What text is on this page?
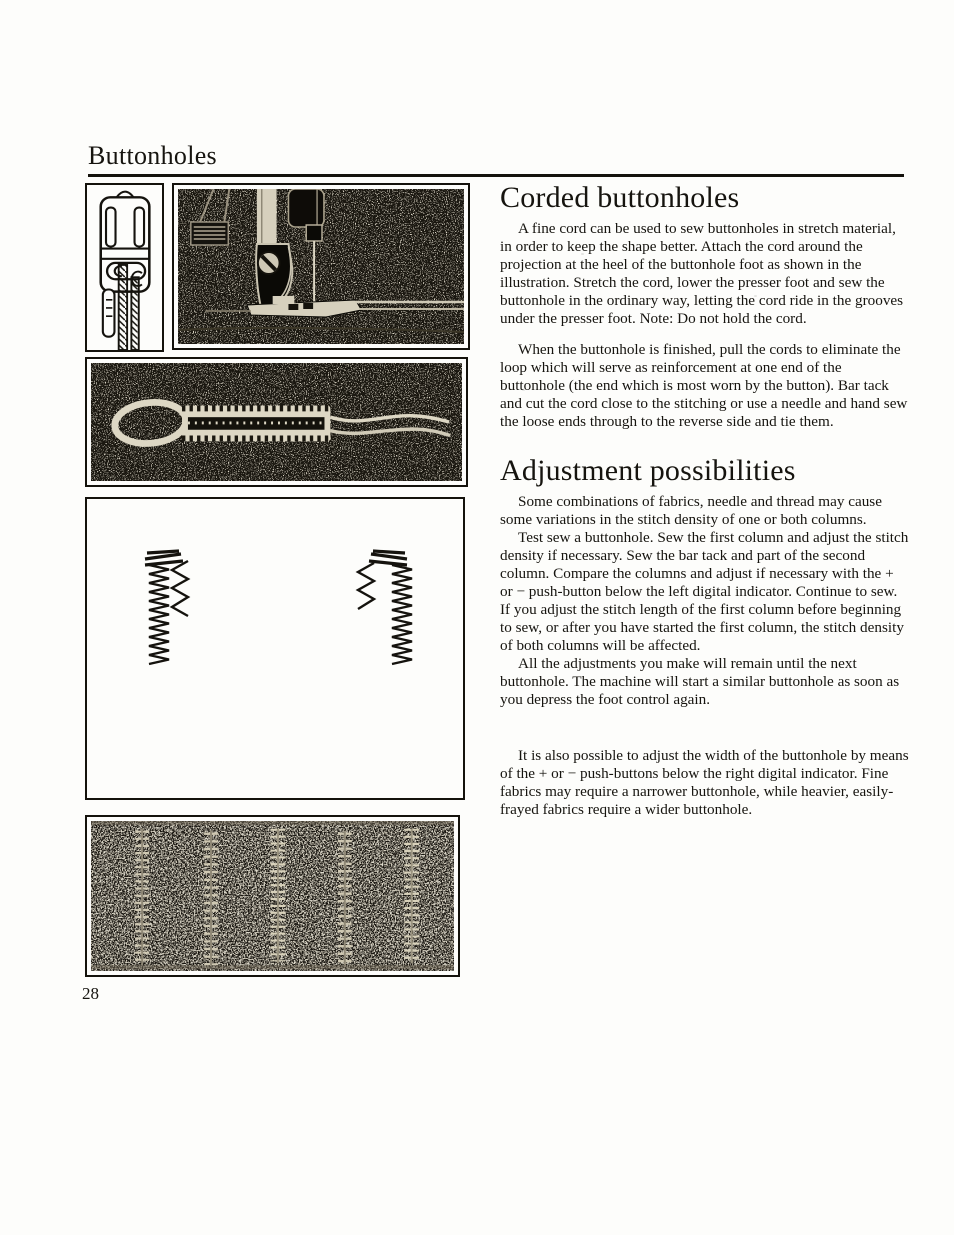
Buttonholes
28
Corded buttonholes

A fine cord can be used to sew buttonholes in stretch material, in order to keep the shape better. Attach the cord around the projection at the heel of the buttonhole foot as shown in the illustration. Stretch the cord, lower the presser foot and sew the buttonhole in the ordinary way, letting the cord ride in the grooves under the presser foot. Note: Do not hold the cord.

When the buttonhole is finished, pull the cords to eliminate the loop which will serve as reinforcement at one end of the buttonhole (the end which is most worn by the button). Bar tack and cut the cord close to the stitching or use a needle and hand sew the loose ends through to the reverse side and tie them.

Adjustment possibilities

Some combinations of fabrics, needle and thread may cause some variations in the stitch density of one or both columns.

Test sew a buttonhole. Sew the first column and adjust the stitch density if necessary. Sew the bar tack and part of the second column. Compare the columns and adjust if necessary with the + or − push-button below the left digital indicator. Continue to sew. If you adjust the stitch length of the first column before beginning to sew, or after you have started the first column, the stitch density of both columns will be affected.

All the adjustments you make will remain until the next buttonhole. The machine will start a similar buttonhole as soon as you depress the foot control again.

It is also possible to adjust the width of the buttonhole by means of the + or − push-buttons below the right digital indicator. Fine fabrics may require a narrower buttonhole, while heavier, easily-frayed fabrics require a wider buttonhole.
